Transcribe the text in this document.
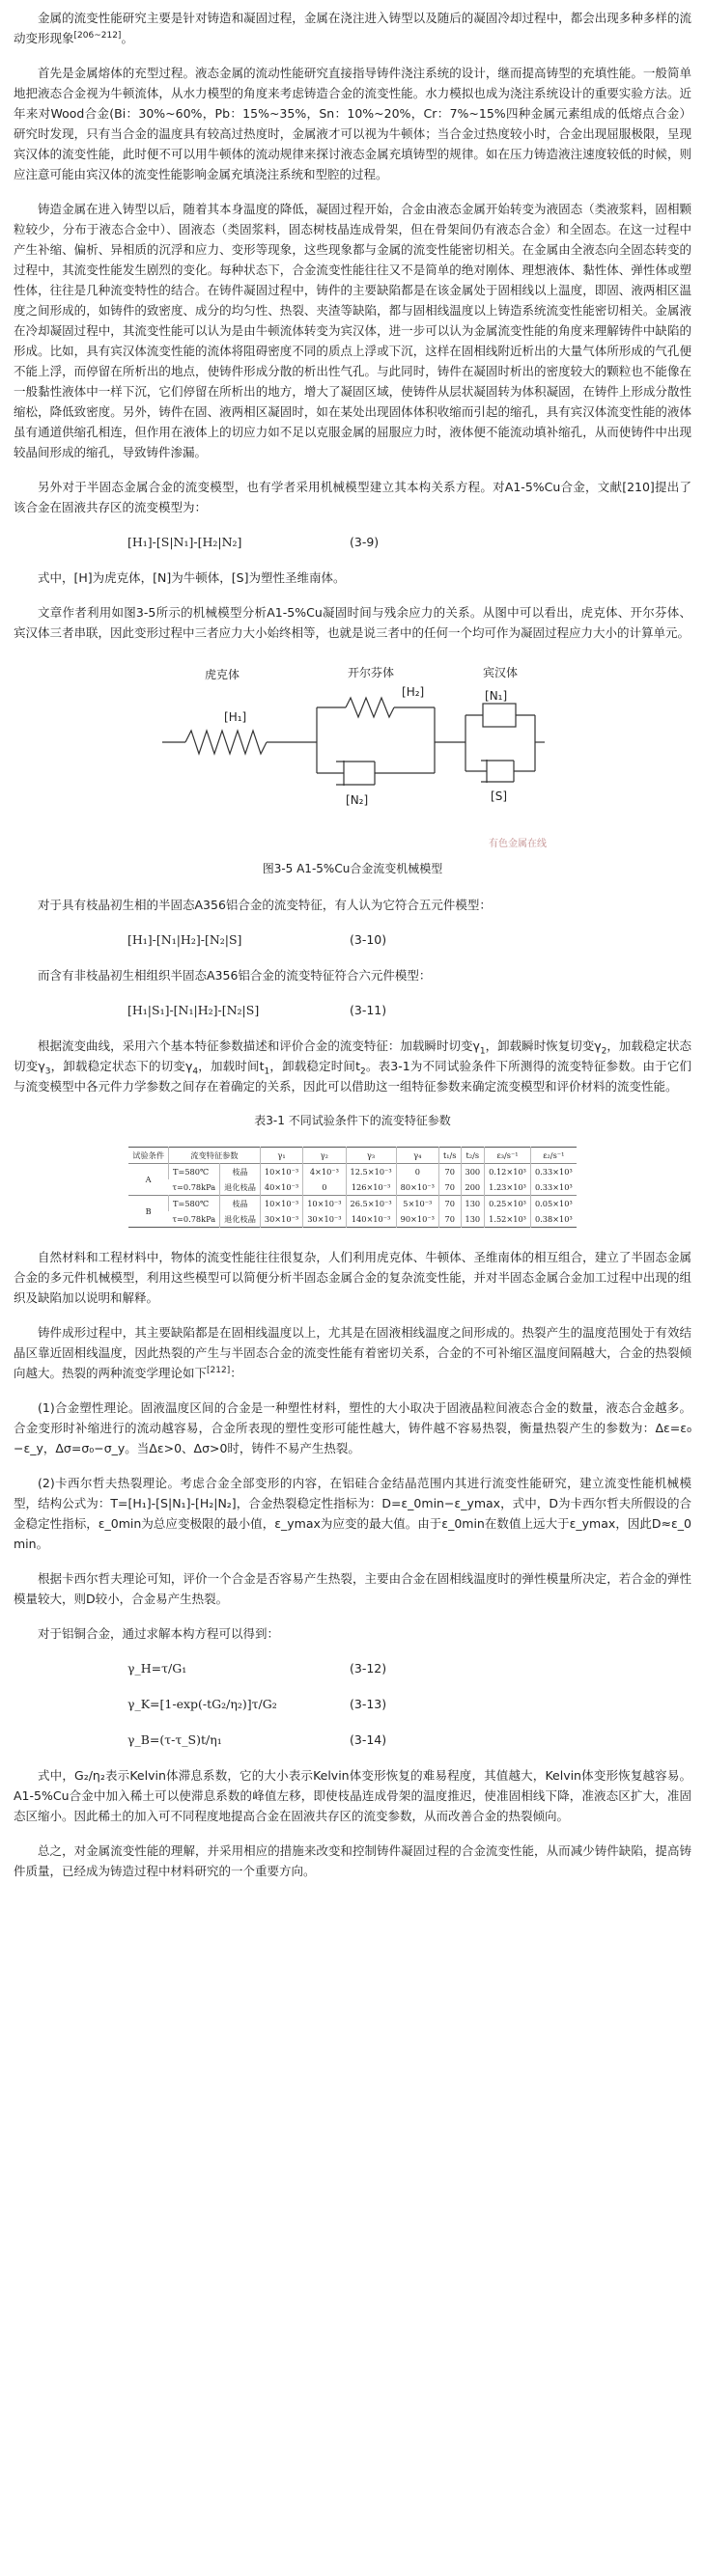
金属的流变性能研究主要是针对铸造和凝固过程，金属在浇注进入铸型以及随后的凝固冷却过程中，都会出现多种多样的流动变形现象[206~212]。

首先是金属熔体的充型过程。液态金属的流动性能研究直接指导铸件浇注系统的设计，继而提高铸型的充填性能。一般简单地把液态合金视为牛顿流体，从水力模型的角度来考虑铸造合金的流变性能。水力模拟也成为浇注系统设计的重要实验方法。近年来对Wood合金(Bi：30%~60%，Pb：15%~35%，Sn：10%~20%，Cr：7%~15%四种金属元素组成的低熔点合金）研究时发现，只有当合金的温度具有较高过热度时，金属液才可以视为牛顿体；当合金过热度较小时，合金出现屈服极限，呈现宾汉体的流变性能，此时便不可以用牛顿体的流动规律来探讨液态金属充填铸型的规律。如在压力铸造液注速度较低的时候，则应注意可能由宾汉体的流变性能影响金属充填浇注系统和型腔的过程。

铸造金属在进入铸型以后，随着其本身温度的降低，凝固过程开始，合金由液态金属开始转变为液固态（类液浆料，固相颗粒较少，分布于液态合金中）、固液态（类固浆料，固态树枝晶连成骨架，但在骨架间仍有液态合金）和全固态。在这一过程中产生补缩、偏析、异相质的沉浮和应力、变形等现象，这些现象都与金属的流变性能密切相关。在金属由全液态向全固态转变的过程中，其流变性能发生剧烈的变化。每种状态下，合金流变性能往往又不是简单的绝对刚体、理想液体、黏性体、弹性体或塑性体，往往是几种流变特性的结合。在铸件凝固过程中，铸件的主要缺陷都是在该金属处于固相线以上温度，即固、液两相区温度之间形成的，如铸件的致密度、成分的均匀性、热裂、夹渣等缺陷，都与固相线温度以上铸造系统流变性能密切相关。金属液在冷却凝固过程中，其流变性能可以认为是由牛顿流体转变为宾汉体，进一步可以认为金属流变性能的角度来理解铸件中缺陷的形成。比如，具有宾汉体流变性能的流体将阻碍密度不同的质点上浮或下沉，这样在固相线附近析出的大量气体所形成的气孔便不能上浮，而停留在所析出的地点，使铸件形成分散的析出性气孔。与此同时，铸件在凝固时析出的密度较大的颗粒也不能像在一般黏性液体中一样下沉，它们停留在所析出的地方，增大了凝固区域，使铸件从层状凝固转为体积凝固，在铸件上形成分散性缩松，降低致密度。另外，铸件在固、液两相区凝固时，如在某处出现固体体积收缩而引起的缩孔，具有宾汉体流变性能的液体虽有通道供缩孔相连，但作用在液体上的切应力如不足以克服金属的屈服应力时，液体便不能流动填补缩孔，从而使铸件中出现较晶间形成的缩孔，导致铸件渗漏。

另外对于半固态金属合金的流变模型，也有学者采用机械模型建立其本构关系方程。对A1-5%Cu合金，文献[210]提出了该合金在固液共存区的流变模型为：

[H₁]-[S|N₁]-[H₂|N₂]	(3-9)

式中，[H]为虎克体，[N]为牛顿体，[S]为塑性圣维南体。

文章作者利用如图3-5所示的机械模型分析A1-5%Cu凝固时间与残余应力的关系。从图中可以看出，虎克体、开尔芬体、宾汉体三者串联，因此变形过程中三者应力大小始终相等，也就是说三者中的任何一个均可作为凝固过程应力大小的计算单元。

虎克体
[H₁]
开尔芬体
[H₂]
[N₂]
宾汉体
[N₁]
[S]
有色金属在线
图3-5 A1-5%Cu合金流变机械模型

对于具有枝晶初生相的半固态A356铝合金的流变特征，有人认为它符合五元件模型：

[H₁]-[N₁|H₂]-[N₂|S]	(3-10)

而含有非枝晶初生相组织半固态A356铝合金的流变特征符合六元件模型：

[H₁|S₁]-[N₁|H₂]-[N₂|S]	(3-11)

根据流变曲线，采用六个基本特征参数描述和评价合金的流变特征：加载瞬时切变$\gamma_1$，卸载瞬时恢复切变$\gamma_2$，加载稳定状态切变$\gamma_3$，卸载稳定状态下的切变$\gamma_4$，加载时间$t_1$，卸载稳定时间$t_2$。表3-1为不同试验条件下所测得的流变特征参数。由于它们与流变模型中各元件力学参数之间存在着确定的关系，因此可以借助这一组特征参数来确定流变模型和评价材料的流变性能。

表3-1 不同试验条件下的流变特征参数
试验条件	流变特征参数		γ₁	γ₂	γ₃	γ₄	t₁/s	t₂/s	ε₃/s⁻¹	ε₂/s⁻¹
A	T=580℃	枝晶	10×10⁻³	4×10⁻³	12.5×10⁻³	0	70	300	0.12×10³	0.33×10³
	τ=0.78kPa	退化枝晶	40×10⁻³	0	126×10⁻³	80×10⁻³	70	200	1.23×10³	0.33×10³
B	T=580℃	枝晶	10×10⁻³	10×10⁻³	26.5×10⁻³	5×10⁻³	70	130	0.25×10³	0.05×10³
	τ=0.78kPa	退化枝晶	30×10⁻³	30×10⁻³	140×10⁻³	90×10⁻³	70	130	1.52×10³	0.38×10³

自然材料和工程材料中，物体的流变性能往往很复杂，人们利用虎克体、牛顿体、圣维南体的相互组合，建立了半固态金属合金的多元件机械模型，利用这些模型可以简便分析半固态金属合金的复杂流变性能，并对半固态金属合金加工过程中出现的组织及缺陷加以说明和解释。

铸件成形过程中，其主要缺陷都是在固相线温度以上，尤其是在固液相线温度之间形成的。热裂产生的温度范围处于有效结晶区靠近固相线温度，因此热裂的产生与半固态合金的流变性能有着密切关系，合金的不可补缩区温度间隔越大，合金的热裂倾向越大。热裂的两种流变学理论如下[212]：

(1)合金塑性理论。固液温度区间的合金是一种塑性材料，塑性的大小取决于固液晶粒间液态合金的数量，液态合金越多。合金变形时补缩进行的流动越容易，合金所表现的塑性变形可能性越大，铸件越不容易热裂，衡量热裂产生的参数为：Δε=ε₀−ε_y，Δσ=σ₀−σ_y。当Δε>0、Δσ>0时，铸件不易产生热裂。

(2)卡西尔哲夫热裂理论。考虑合金全部变形的内容，在铝硅合金结晶范围内其进行流变性能研究，建立流变性能机械模型，结构公式为：T=[H₁]-[S|N₁]-[H₂|N₂]，合金热裂稳定性指标为：D=ε_0min−ε_ymax，式中，D为卡西尔哲夫所假设的合金稳定性指标，ε_0min为总应变极限的最小值，ε_ymax为应变的最大值。由于ε_0min在数值上远大于ε_ymax，因此D≈ε_0min。

根据卡西尔哲夫理论可知，评价一个合金是否容易产生热裂，主要由合金在固相线温度时的弹性模量所决定，若合金的弹性模量较大，则D较小，合金易产生热裂。

对于铝铜合金，通过求解本构方程可以得到：

γ_H=τ/G₁	(3-12)
γ_K=[1-exp(-tG₂/η₂)]τ/G₂	(3-13)
γ_B=(τ-τ_S)t/η₁	(3-14)

式中，G₂/η₂表示Kelvin体滞息系数，它的大小表示Kelvin体变形恢复的难易程度，其值越大，Kelvin体变形恢复越容易。A1-5%Cu合金中加入稀土可以使滞息系数的峰值左移，即使枝晶连成骨架的温度推迟，使准固相线下降，准液态区扩大，准固态区缩小。因此稀土的加入可不同程度地提高合金在固液共存区的流变参数，从而改善合金的热裂倾向。

总之，对金属流变性能的理解，并采用相应的措施来改变和控制铸件凝固过程的合金流变性能，从而减少铸件缺陷，提高铸件质量，已经成为铸造过程中材料研究的一个重要方向。
